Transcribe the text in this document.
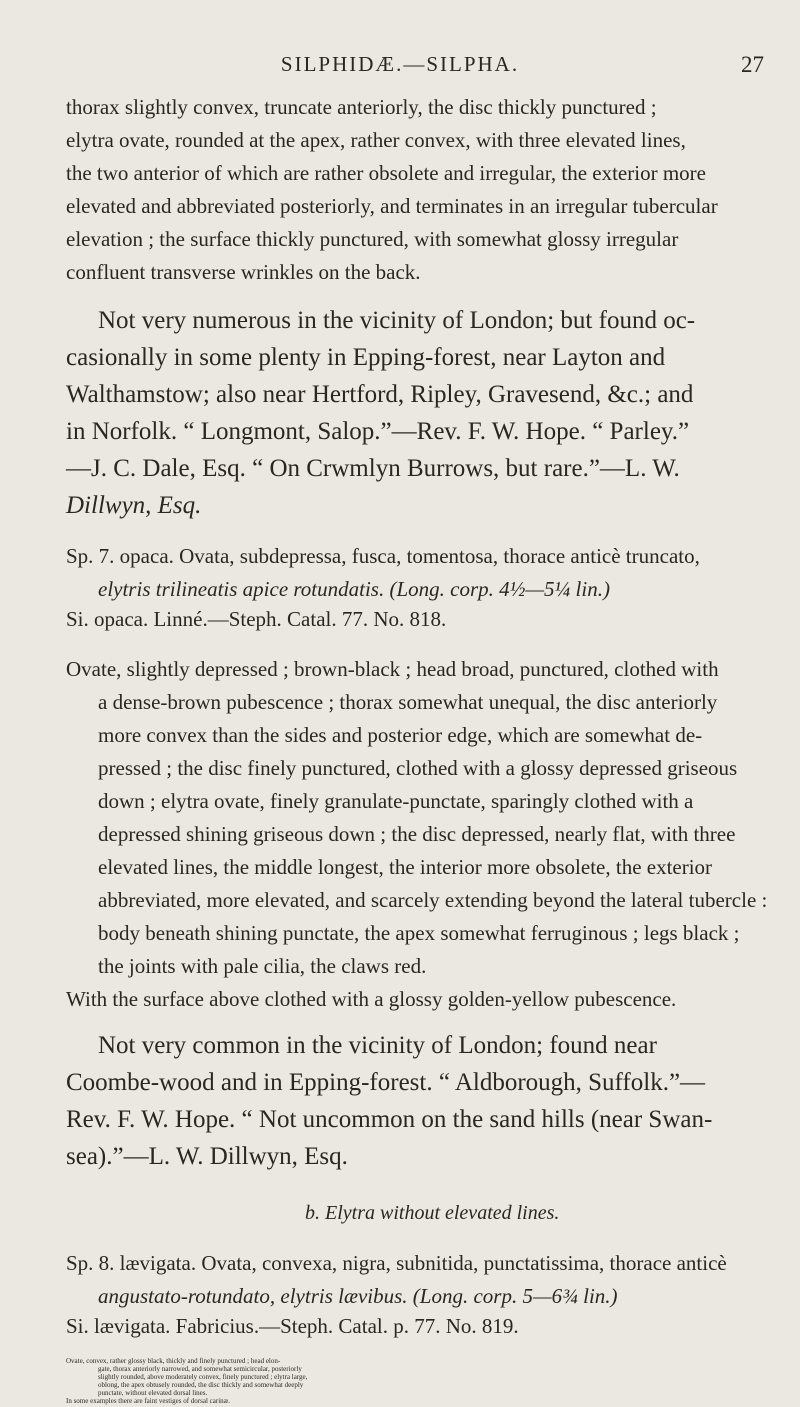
SILPHIDÆ.—SILPHA.	27
thorax slightly convex, truncate anteriorly, the disc thickly punctured ;
elytra ovate, rounded at the apex, rather convex, with three elevated lines,
the two anterior of which are rather obsolete and irregular, the exterior more
elevated and abbreviated posteriorly, and terminates in an irregular tubercular
elevation ; the surface thickly punctured, with somewhat glossy irregular
confluent transverse wrinkles on the back.
Not very numerous in the vicinity of London; but found oc-
casionally in some plenty in Epping-forest, near Layton and
Walthamstow; also near Hertford, Ripley, Gravesend, &c.; and
in Norfolk. “ Longmont, Salop.”—Rev. F. W. Hope. “ Parley.”
—J. C. Dale, Esq. “ On Crwmlyn Burrows, but rare.”—L. W.
Dillwyn, Esq.
Sp. 7. opaca. Ovata, subdepressa, fusca, tomentosa, thorace anticè truncato,
elytris trilineatis apice rotundatis. (Long. corp. 4½—5¼ lin.)
Si. opaca. Linné.—Steph. Catal. 77. No. 818.
Ovate, slightly depressed ; brown-black ; head broad, punctured, clothed with
a dense-brown pubescence ; thorax somewhat unequal, the disc anteriorly
more convex than the sides and posterior edge, which are somewhat de-
pressed ; the disc finely punctured, clothed with a glossy depressed griseous
down ; elytra ovate, finely granulate-punctate, sparingly clothed with a
depressed shining griseous down ; the disc depressed, nearly flat, with three
elevated lines, the middle longest, the interior more obsolete, the exterior
abbreviated, more elevated, and scarcely extending beyond the lateral tubercle :
body beneath shining punctate, the apex somewhat ferruginous ; legs black ;
the joints with pale cilia, the claws red.
With the surface above clothed with a glossy golden-yellow pubescence.
Not very common in the vicinity of London; found near
Coombe-wood and in Epping-forest. “ Aldborough, Suffolk.”—
Rev. F. W. Hope. “ Not uncommon on the sand hills (near Swan-
sea).”—L. W. Dillwyn, Esq.
b. Elytra without elevated lines.
Sp. 8. lævigata. Ovata, convexa, nigra, subnitida, punctatissima, thorace anticè
angustato-rotundato, elytris lævibus. (Long. corp. 5—6¾ lin.)
Si. lævigata. Fabricius.—Steph. Catal. p. 77. No. 819.
Ovate, convex, rather glossy black, thickly and finely punctured ; head elon-
gate, thorax anteriorly narrowed, and somewhat semicircular, posteriorly
slightly rounded, above moderately convex, finely punctured ; elytra large,
oblong, the apex obtusely rounded, the disc thickly and somewhat deeply
punctate, without elevated dorsal lines.
In some examples there are faint vestiges of dorsal carinæ.
